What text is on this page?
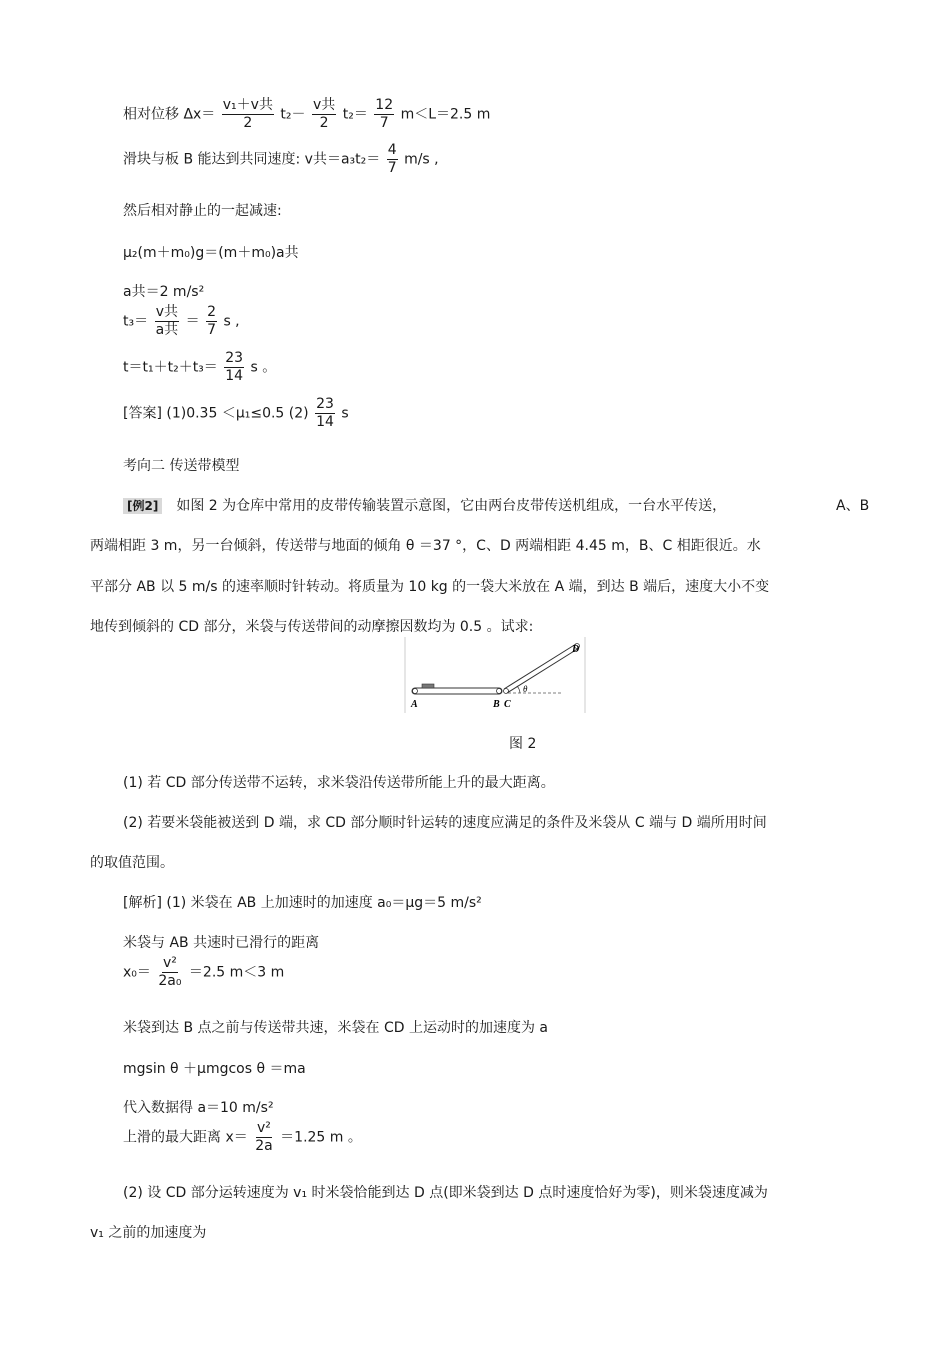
相对位移 $\Delta x= \frac{\text{v₁＋v共}}{2} t_2- \frac{\text{v共}}{2} t_2= \frac{12}{7} m<L=2.5$ m
滑块与板 B 能达到共同速度: v共$=a_3t_2= \frac{4}{7} m/s$ ,
然后相对静止的一起减速:
μ₂(m＋m₀)g＝(m＋m₀)a共
a共＝2 m/s²
$t_3= \frac{\text{v共}}{\text{a共}} = \frac{2}{7}$ s ,
$t=t_1+t_2+t_3= \frac{23}{14}$ s 。
[答案] (1)0.35 ＜μ₁≤0.5 $(2) \frac{23}{14}$ s
考向二 传送带模型
[例2] 如图 2 为仓库中常用的皮带传输装置示意图，它由两台皮带传送机组成，一台水平传送，	A、B
两端相距 3 m，另一台倾斜，传送带与地面的倾角 θ ＝37 °，C、D 两端相距 4.45 m，B、C 相距很近。水
平部分 AB 以 5 m/s 的速率顺时针转动。将质量为 10 kg 的一袋大米放在 A 端，到达 B 端后，速度大小不变
地传到倾斜的 CD 部分，米袋与传送带间的动摩擦因数均为 0.5 。试求:
A	B C
D
θ
图 2
(1) 若 CD 部分传送带不运转，求米袋沿传送带所能上升的最大距离。
(2) 若要米袋能被送到 D 端，求 CD 部分顺时针运转的速度应满足的条件及米袋从 C 端与 D 端所用时间
的取值范围。
[解析] (1) 米袋在 AB 上加速时的加速度 a₀＝μg＝5 m/s²
米袋与 AB 共速时已滑行的距离
$x_0= \frac{\text{v²}}{\text{2a₀}} =2.5$ m＜3 m
米袋到达 B 点之前与传送带共速，米袋在 CD 上运动时的加速度为 a
mgsin θ ＋μmgcos θ ＝ma
代入数据得 a＝10 m/s²
上滑的最大距离 $x= \frac{\text{v²}}{2a} =1.25$ m 。
(2) 设 CD 部分运转速度为 v₁ 时米袋恰能到达 D 点(即米袋到达 D 点时速度恰好为零)，则米袋速度减为
v₁ 之前的加速度为
